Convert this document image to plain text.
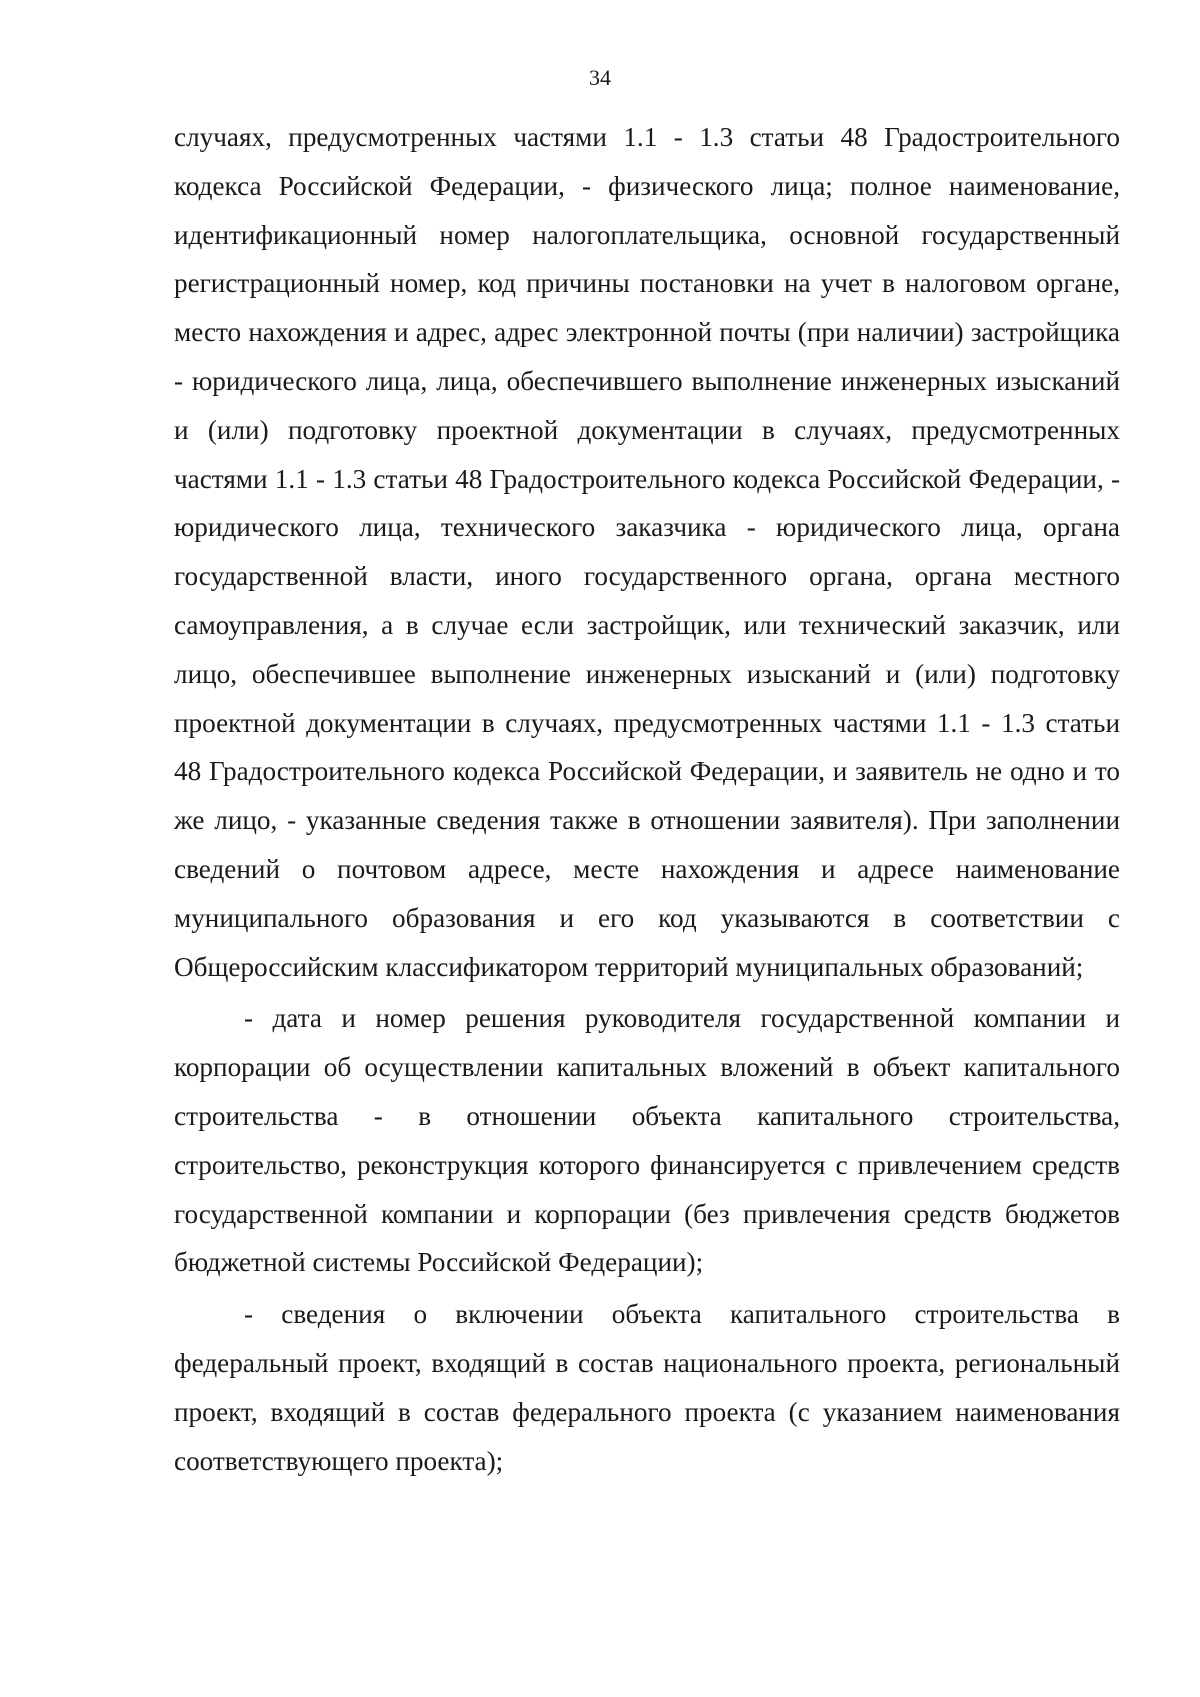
34

случаях, предусмотренных частями 1.1 - 1.3 статьи 48 Градостроительного кодекса Российской Федерации, - физического лица; полное наименование, идентификационный номер налогоплательщика, основной государственный регистрационный номер, код причины постановки на учет в налоговом органе, место нахождения и адрес, адрес электронной почты (при наличии) застройщика - юридического лица, лица, обеспечившего выполнение инженерных изысканий и (или) подготовку проектной документации в случаях, предусмотренных частями 1.1 - 1.3 статьи 48 Градостроительного кодекса Российской Федерации, - юридического лица, технического заказчика - юридического лица, органа государственной власти, иного государственного органа, органа местного самоуправления, а в случае если застройщик, или технический заказчик, или лицо, обеспечившее выполнение инженерных изысканий и (или) подготовку проектной документации в случаях, предусмотренных частями 1.1 - 1.3 статьи 48 Градостроительного кодекса Российской Федерации, и заявитель не одно и то же лицо, - указанные сведения также в отношении заявителя). При заполнении сведений о почтовом адресе, месте нахождения и адресе наименование муниципального образования и его код указываются в соответствии с Общероссийским классификатором территорий муниципальных образований;

- дата и номер решения руководителя государственной компании и корпорации об осуществлении капитальных вложений в объект капитального строительства - в отношении объекта капитального строительства, строительство, реконструкция которого финансируется с привлечением средств государственной компании и корпорации (без привлечения средств бюджетов бюджетной системы Российской Федерации);

- сведения о включении объекта капитального строительства в федеральный проект, входящий в состав национального проекта, региональный проект, входящий в состав федерального проекта (с указанием наименования соответствующего проекта);
